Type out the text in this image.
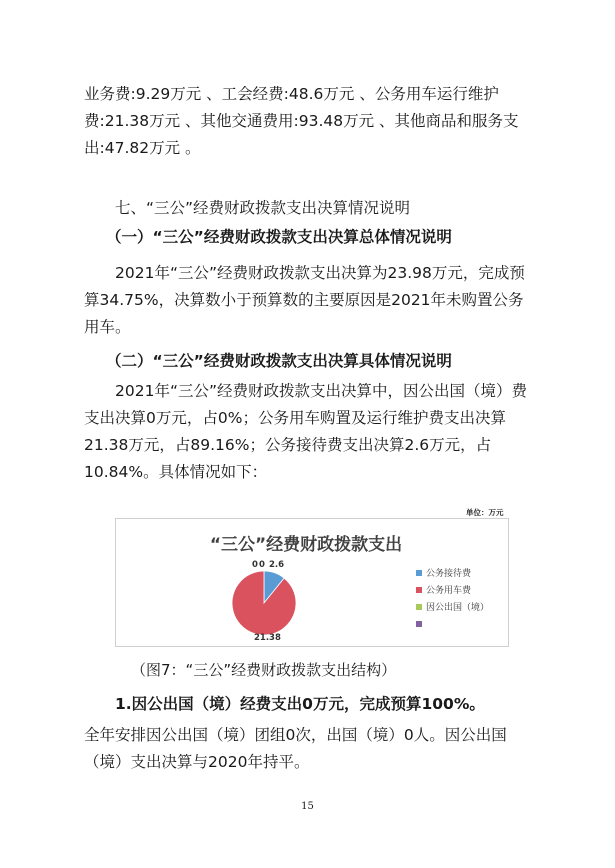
业务费:9.29万元 、工会经费:48.6万元 、公务用车运行维护费:21.38万元 、其他交通费用:93.48万元 、其他商品和服务支出:47.82万元 。

七、“三公”经费财政拨款支出决算情况说明

（一）“三公”经费财政拨款支出决算总体情况说明

2021年“三公”经费财政拨款支出决算为23.98万元，完成预算34.75%，决算数小于预算数的主要原因是2021年未购置公务用车。

（二）“三公”经费财政拨款支出决算具体情况说明

2021年“三公”经费财政拨款支出决算中，因公出国（境）费支出决算0万元，占0%；公务用车购置及运行维护费支出决算21.38万元，占89.16%；公务接待费支出决算2.6万元，占10.84%。具体情况如下：

单位：万元
“三公”经费财政拨款支出
0 0 2.6
21.38
公务接待费
公务用车费
因公出国（境）

（图7：“三公”经费财政拨款支出结构）

1.因公出国（境）经费支出0万元，完成预算100%。

全年安排因公出国（境）团组0次，出国（境）0人。因公出国（境）支出决算与2020年持平。

15
